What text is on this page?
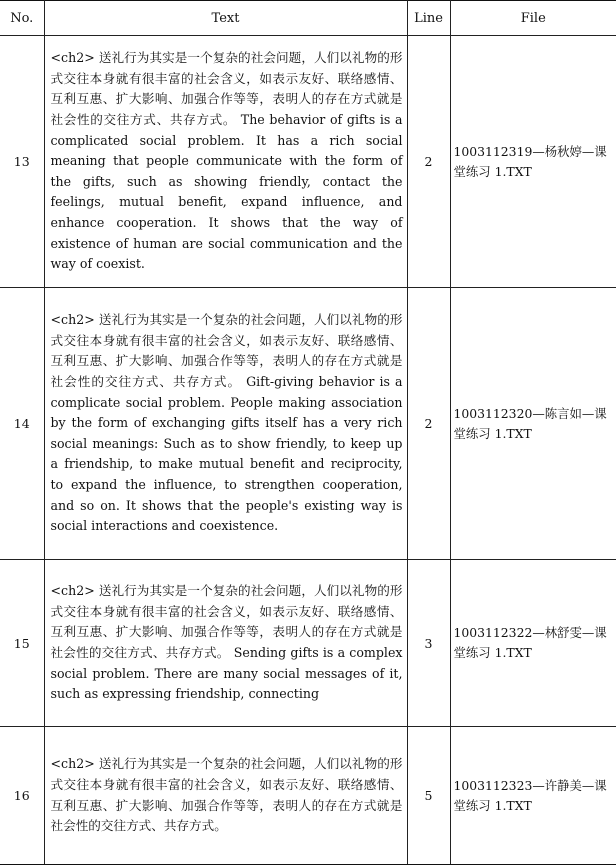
No.	Text	Line	File
13	<ch2> 送礼行为其实是一个复杂的社会问题，人们以礼物的形式交往本身就有很丰富的社会含义，如表示友好、联络感情、互利互惠、扩大影响、加强合作等等，表明人的存在方式就是社会性的交往方式、共存方式。 The behavior of gifts is a complicated social problem. It has a rich social meaning that people communicate with the form of the gifts, such as showing friendly, contact the feelings, mutual benefit, expand influence, and enhance cooperation. It shows that the way of existence of human are social communication and the way of coexist.	2	1003112319—杨秋婷—课堂练习 1.TXT
14	<ch2> 送礼行为其实是一个复杂的社会问题，人们以礼物的形式交往本身就有很丰富的社会含义，如表示友好、联络感情、互利互惠、扩大影响、加强合作等等，表明人的存在方式就是社会性的交往方式、共存方式。 Gift-giving behavior is a complicate social problem. People making association by the form of exchanging gifts itself has a very rich social meanings: Such as to show friendly, to keep up a friendship, to make mutual benefit and reciprocity, to expand the influence, to strengthen cooperation, and so on. It shows that the people's existing way is social interactions and coexistence.	2	1003112320—陈言如—课堂练习 1.TXT
15	<ch2> 送礼行为其实是一个复杂的社会问题，人们以礼物的形式交往本身就有很丰富的社会含义，如表示友好、联络感情、互利互惠、扩大影响、加强合作等等，表明人的存在方式就是社会性的交往方式、共存方式。 Sending gifts is a complex social problem. There are many social messages of it, such as expressing friendship, connecting	3	1003112322—林舒雯—课堂练习 1.TXT
16	<ch2> 送礼行为其实是一个复杂的社会问题，人们以礼物的形式交往本身就有很丰富的社会含义，如表示友好、联络感情、互利互惠、扩大影响、加强合作等等，表明人的存在方式就是社会性的交往方式、共存方式。	5	1003112323—许静美—课堂练习 1.TXT
